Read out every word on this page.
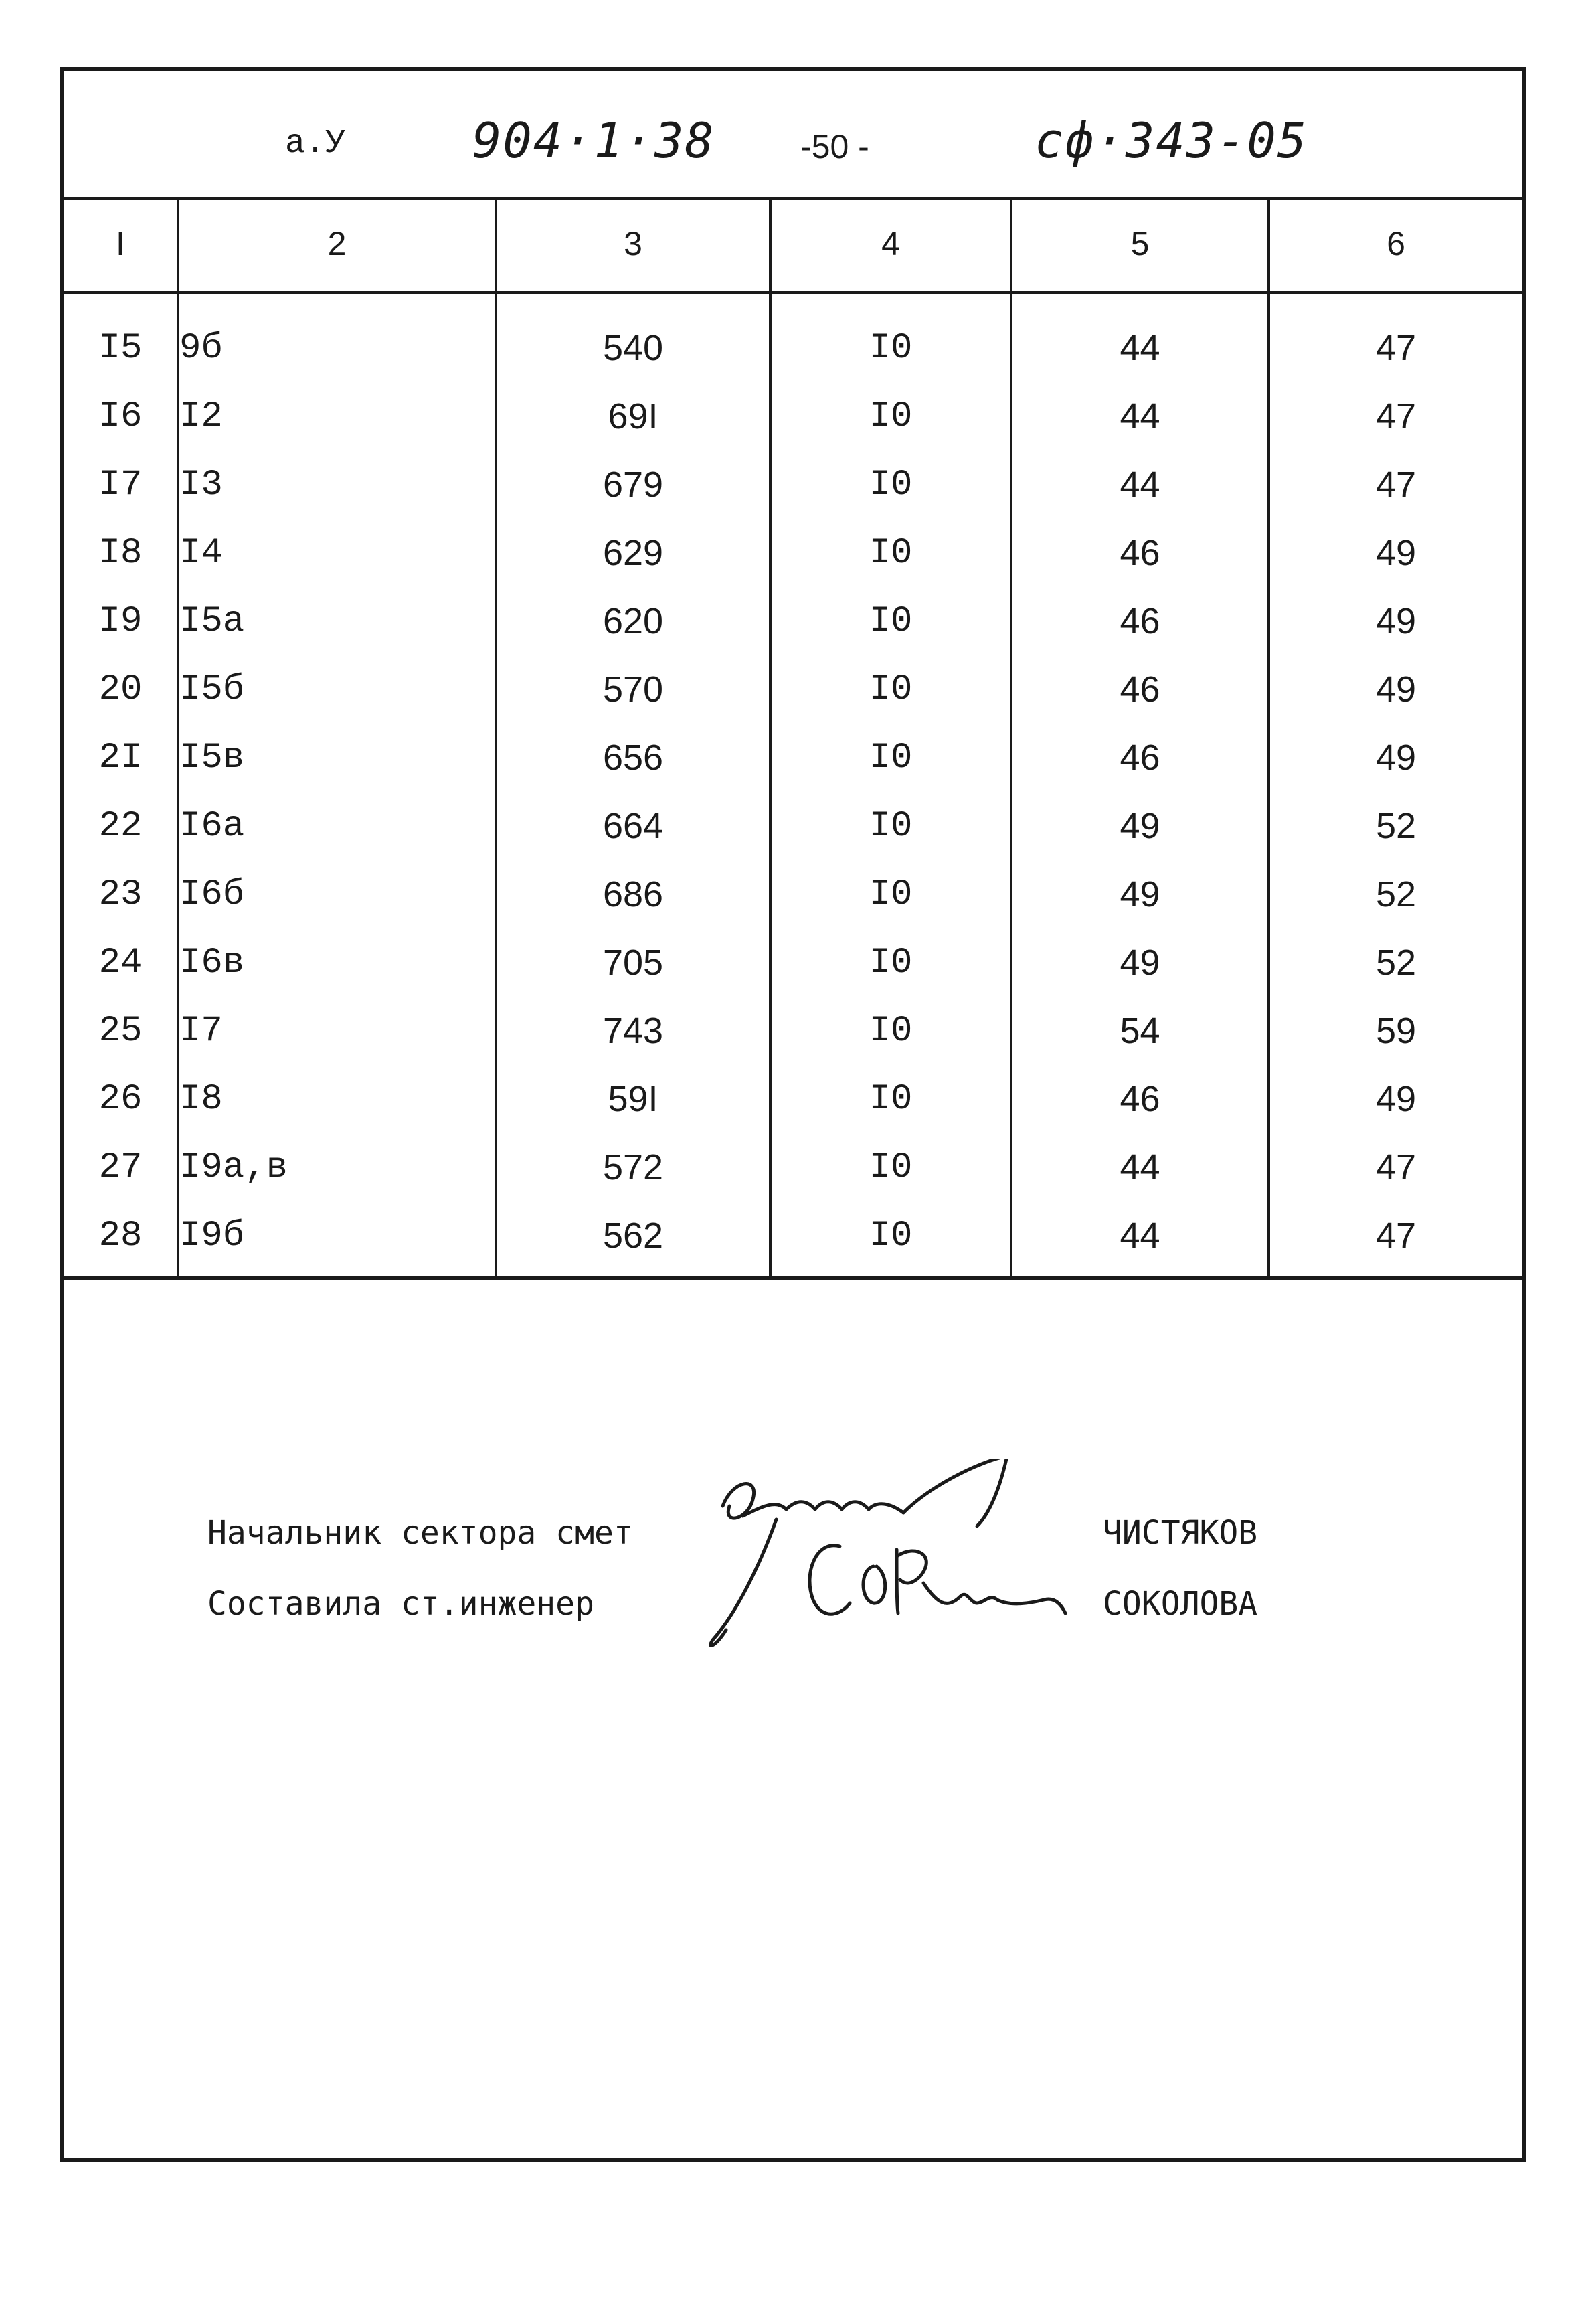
а.У	904·1·38	-50 -	сф·343-05
I	2	3	4	5	6
I5	9б	540	I0	44	47
I6	I2	69I	I0	44	47
I7	I3	679	I0	44	47
I8	I4	629	I0	46	49
I9	I5а	620	I0	46	49
20	I5б	570	I0	46	49
2I	I5в	656	I0	46	49
22	I6а	664	I0	49	52
23	I6б	686	I0	49	52
24	I6в	705	I0	49	52
25	I7	743	I0	54	59
26	I8	59I	I0	46	49
27	I9а,в	572	I0	44	47
28	I9б	562	I0	44	47
Начальник сектора смет
Составила ст.инженер
ЧИСТЯКОВ
СОКОЛОВА
